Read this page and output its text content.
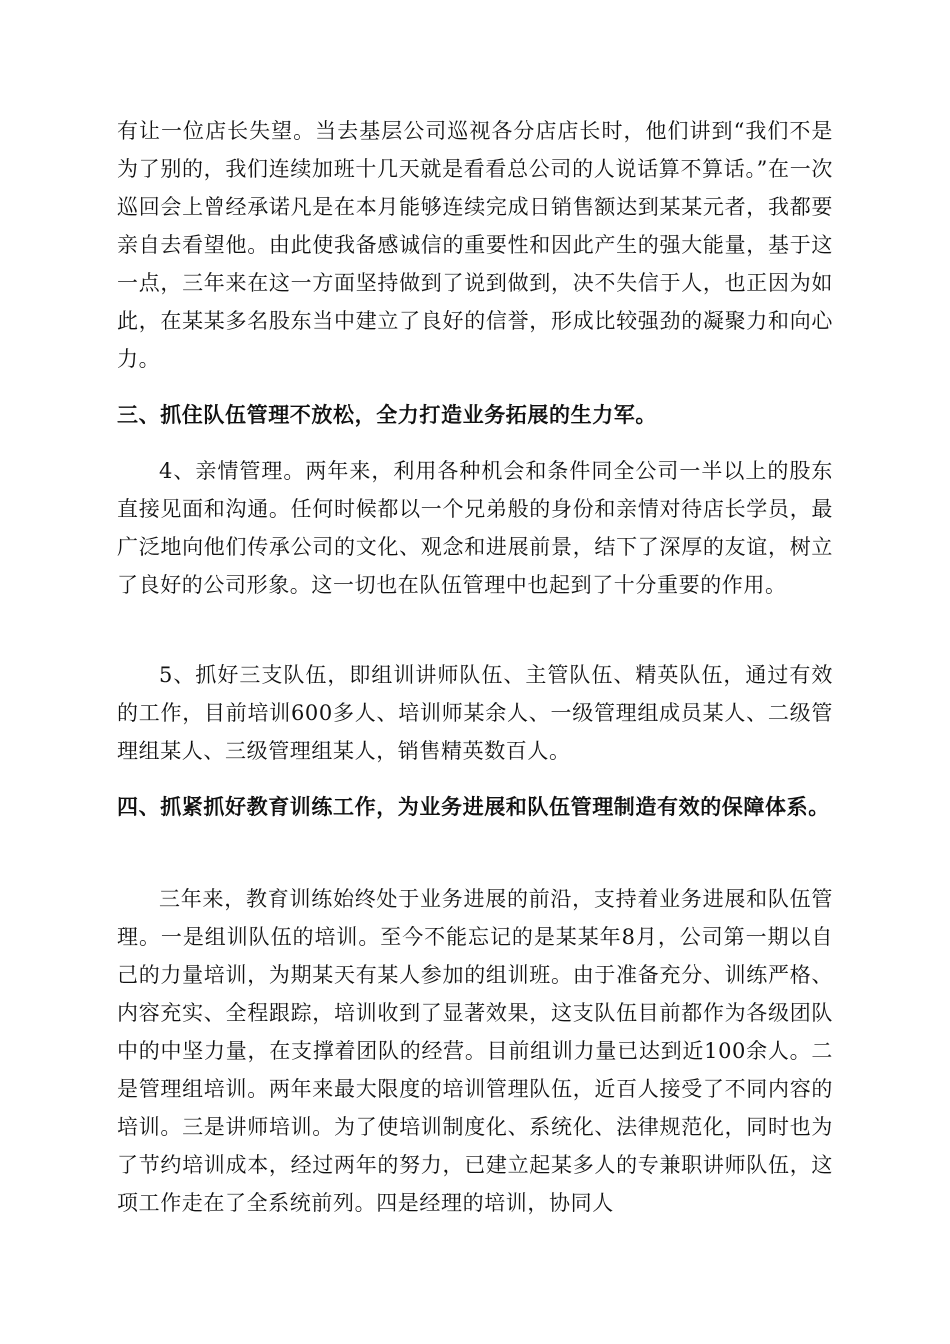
有让一位店长失望。当去基层公司巡视各分店店长时，他们讲到“我们不是为了别的，我们连续加班十几天就是看看总公司的人说话算不算话。”在一次巡回会上曾经承诺凡是在本月能够连续完成日销售额达到某某元者，我都要亲自去看望他。由此使我备感诚信的重要性和因此产生的强大能量，基于这一点，三年来在这一方面坚持做到了说到做到，决不失信于人，也正因为如此，在某某多名股东当中建立了良好的信誉，形成比较强劲的凝聚力和向心力。

三、抓住队伍管理不放松，全力打造业务拓展的生力军。

4、亲情管理。两年来，利用各种机会和条件同全公司一半以上的股东直接见面和沟通。任何时候都以一个兄弟般的身份和亲情对待店长学员，最广泛地向他们传承公司的文化、观念和进展前景，结下了深厚的友谊，树立了良好的公司形象。这一切也在队伍管理中也起到了十分重要的作用。

5、抓好三支队伍，即组训讲师队伍、主管队伍、精英队伍，通过有效的工作，目前培训600多人、培训师某余人、一级管理组成员某人、二级管理组某人、三级管理组某人，销售精英数百人。

四、抓紧抓好教育训练工作，为业务进展和队伍管理制造有效的保障体系。

三年来，教育训练始终处于业务进展的前沿，支持着业务进展和队伍管理。一是组训队伍的培训。至今不能忘记的是某某年8月，公司第一期以自己的力量培训，为期某天有某人参加的组训班。由于准备充分、训练严格、内容充实、全程跟踪，培训收到了显著效果，这支队伍目前都作为各级团队中的中坚力量，在支撑着团队的经营。目前组训力量已达到近100余人。二是管理组培训。两年来最大限度的培训管理队伍，近百人接受了不同内容的培训。三是讲师培训。为了使培训制度化、系统化、法律规范化，同时也为了节约培训成本，经过两年的努力，已建立起某多人的专兼职讲师队伍，这项工作走在了全系统前列。四是经理的培训，协同人
